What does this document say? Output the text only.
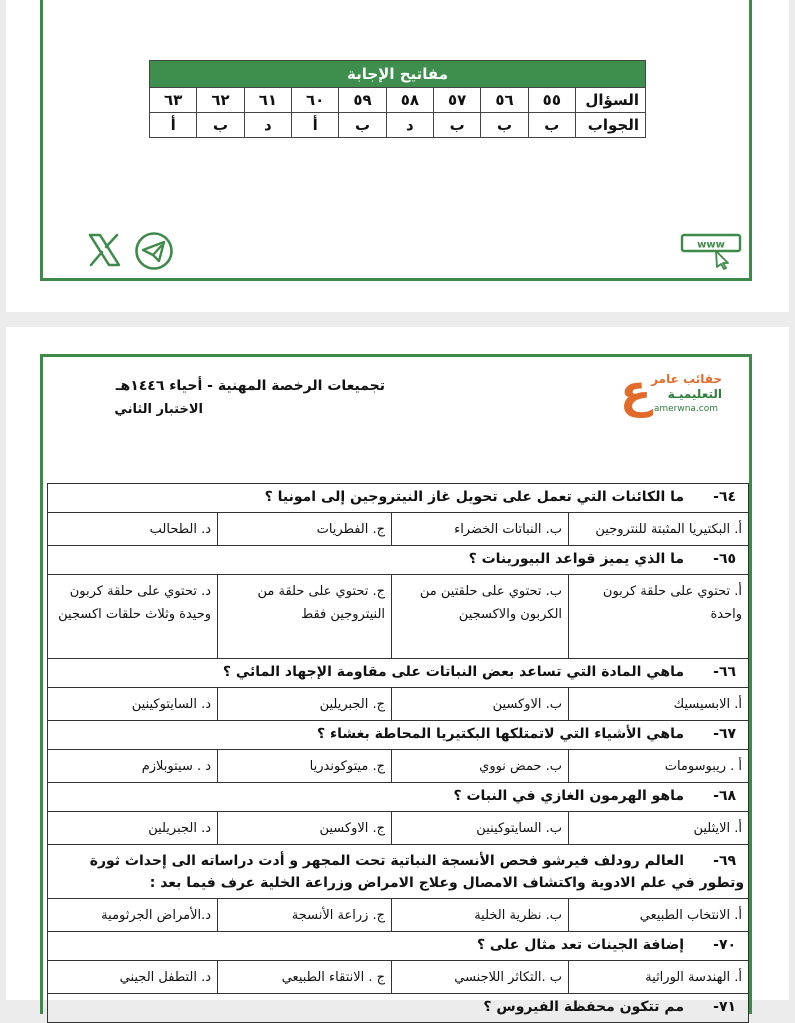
مفاتيح الإجابة									
السؤال	٥٥	٥٦	٥٧	٥٨	٥٩	٦٠	٦١	٦٢	٦٣
الجواب	ب	ب	ب	د	ب	أ	د	ب	أ
www
ع حقائب عامر
التعليميـة
amerwna.com
تجميعات الرخصة المهنية - أحياء ١٤٤٦هـ
الاختبار الثاني
٦٤-ما الكائنات التي تعمل على تحويل غاز النيتروجين إلى امونيا ؟			
أ. البكتيريا المثبتة للنتروجين	ب. النباتات الخضراء	ج. الفطريات	د. الطحالب
٦٥-ما الذي يميز قواعد البيورينات ؟			
أ. تحتوي على حلقة كربون واحدة	ب. تحتوي على حلقتين من الكربون والاكسجين	ج. تحتوي على حلقة من النيتروجين فقط	د. تحتوي على حلقة كربون وحيدة وثلاث حلقات اكسجين
٦٦-ماهي المادة التي تساعد بعض النباتات على مقاومة الإجهاد المائي ؟			
أ. الابسيسيك	ب. الاوكسين	ج. الجبريلين	د. السايتوكينين
٦٧-ماهي الأشياء التي لاتمتلكها البكتيريا المحاطة بغشاء ؟			
أ . ريبوسومات	ب. حمض نووي	ج. ميتوكوندريا	د . سيتوبلازم
٦٨-ماهو الهرمون الغازي في النبات ؟			
أ. الايثلين	ب. السايتوكينين	ج. الاوكسين	د. الجبريلين
٦٩-العالم رودلف فيرشو فحص الأنسجة النباتية تحت المجهر و أدت دراساته الى إحداث ثورة وتطور في علم الادوية واكتشاف الامصال وعلاج الامراض وزراعة الخلية عرف فيما بعد :			
أ. الانتخاب الطبيعي	ب. نظرية الخلية	ج. زراعة الأنسجة	د.الأمراض الجرثومية
٧٠-إضافة الجينات تعد مثال على ؟			
أ. الهندسة الوراثية	ب .التكاثر اللاجنسي	ج . الانتقاء الطبيعي	د. التطفل الجيني
٧١-مم تتكون محفظة الفيروس ؟			
